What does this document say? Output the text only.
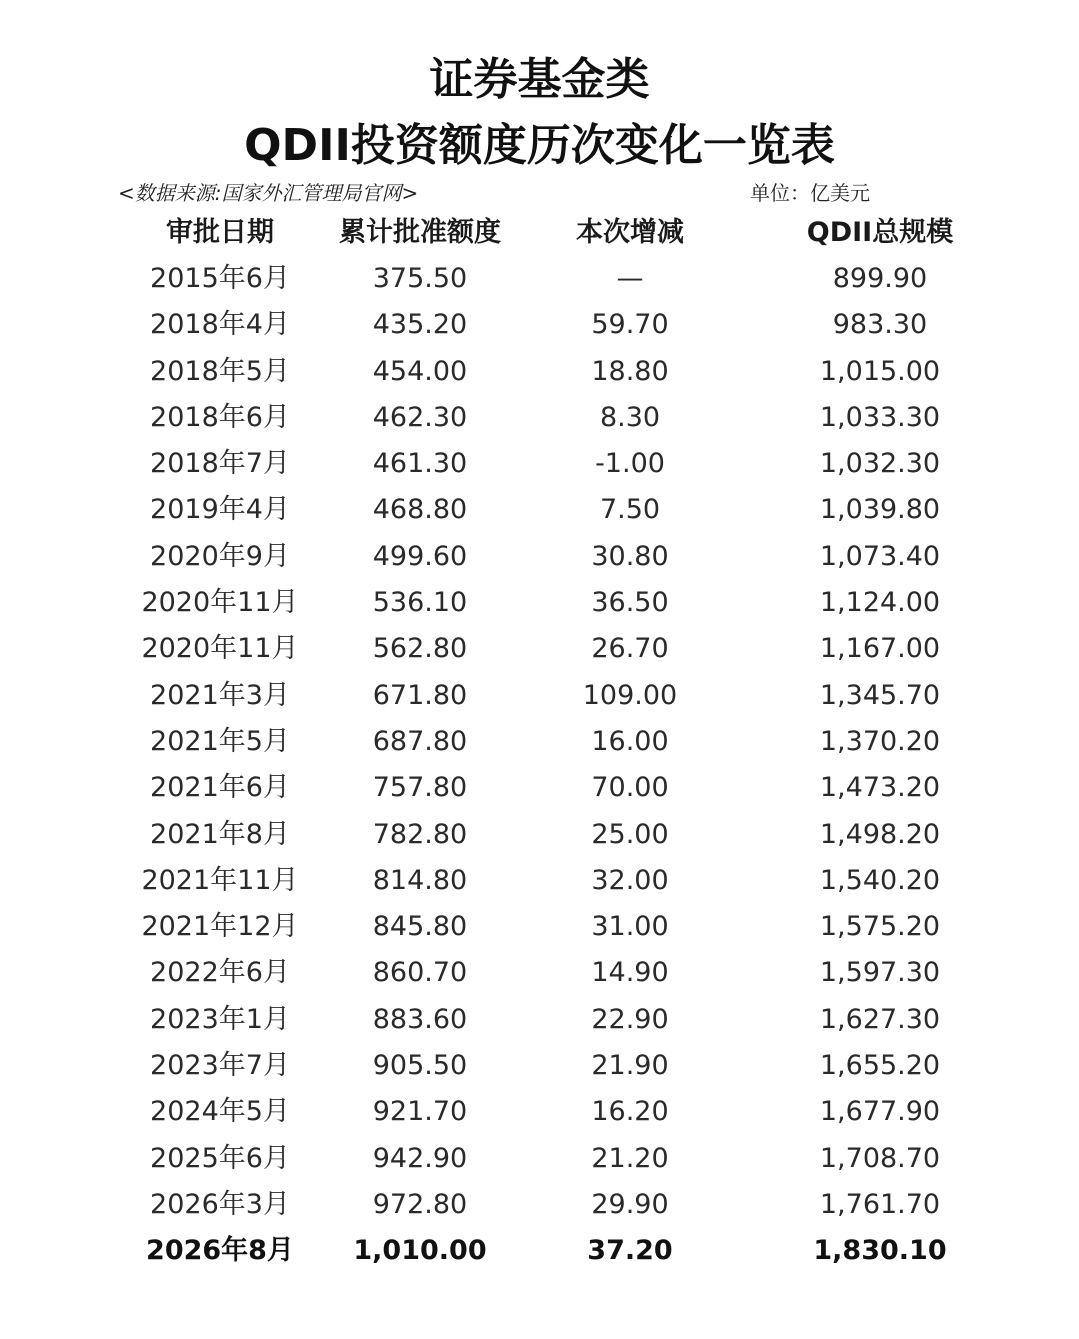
证券基金类
QDII投资额度历次变化一览表
<数据来源:国家外汇管理局官网>	单位：亿美元
审批日期	累计批准额度	本次增减	QDII总规模
2015年6月	375.50	—	899.90
2018年4月	435.20	59.70	983.30
2018年5月	454.00	18.80	1,015.00
2018年6月	462.30	8.30	1,033.30
2018年7月	461.30	-1.00	1,032.30
2019年4月	468.80	7.50	1,039.80
2020年9月	499.60	30.80	1,073.40
2020年11月	536.10	36.50	1,124.00
2020年11月	562.80	26.70	1,167.00
2021年3月	671.80	109.00	1,345.70
2021年5月	687.80	16.00	1,370.20
2021年6月	757.80	70.00	1,473.20
2021年8月	782.80	25.00	1,498.20
2021年11月	814.80	32.00	1,540.20
2021年12月	845.80	31.00	1,575.20
2022年6月	860.70	14.90	1,597.30
2023年1月	883.60	22.90	1,627.30
2023年7月	905.50	21.90	1,655.20
2024年5月	921.70	16.20	1,677.90
2025年6月	942.90	21.20	1,708.70
2026年3月	972.80	29.90	1,761.70
2026年8月	1,010.00	37.20	1,830.10
